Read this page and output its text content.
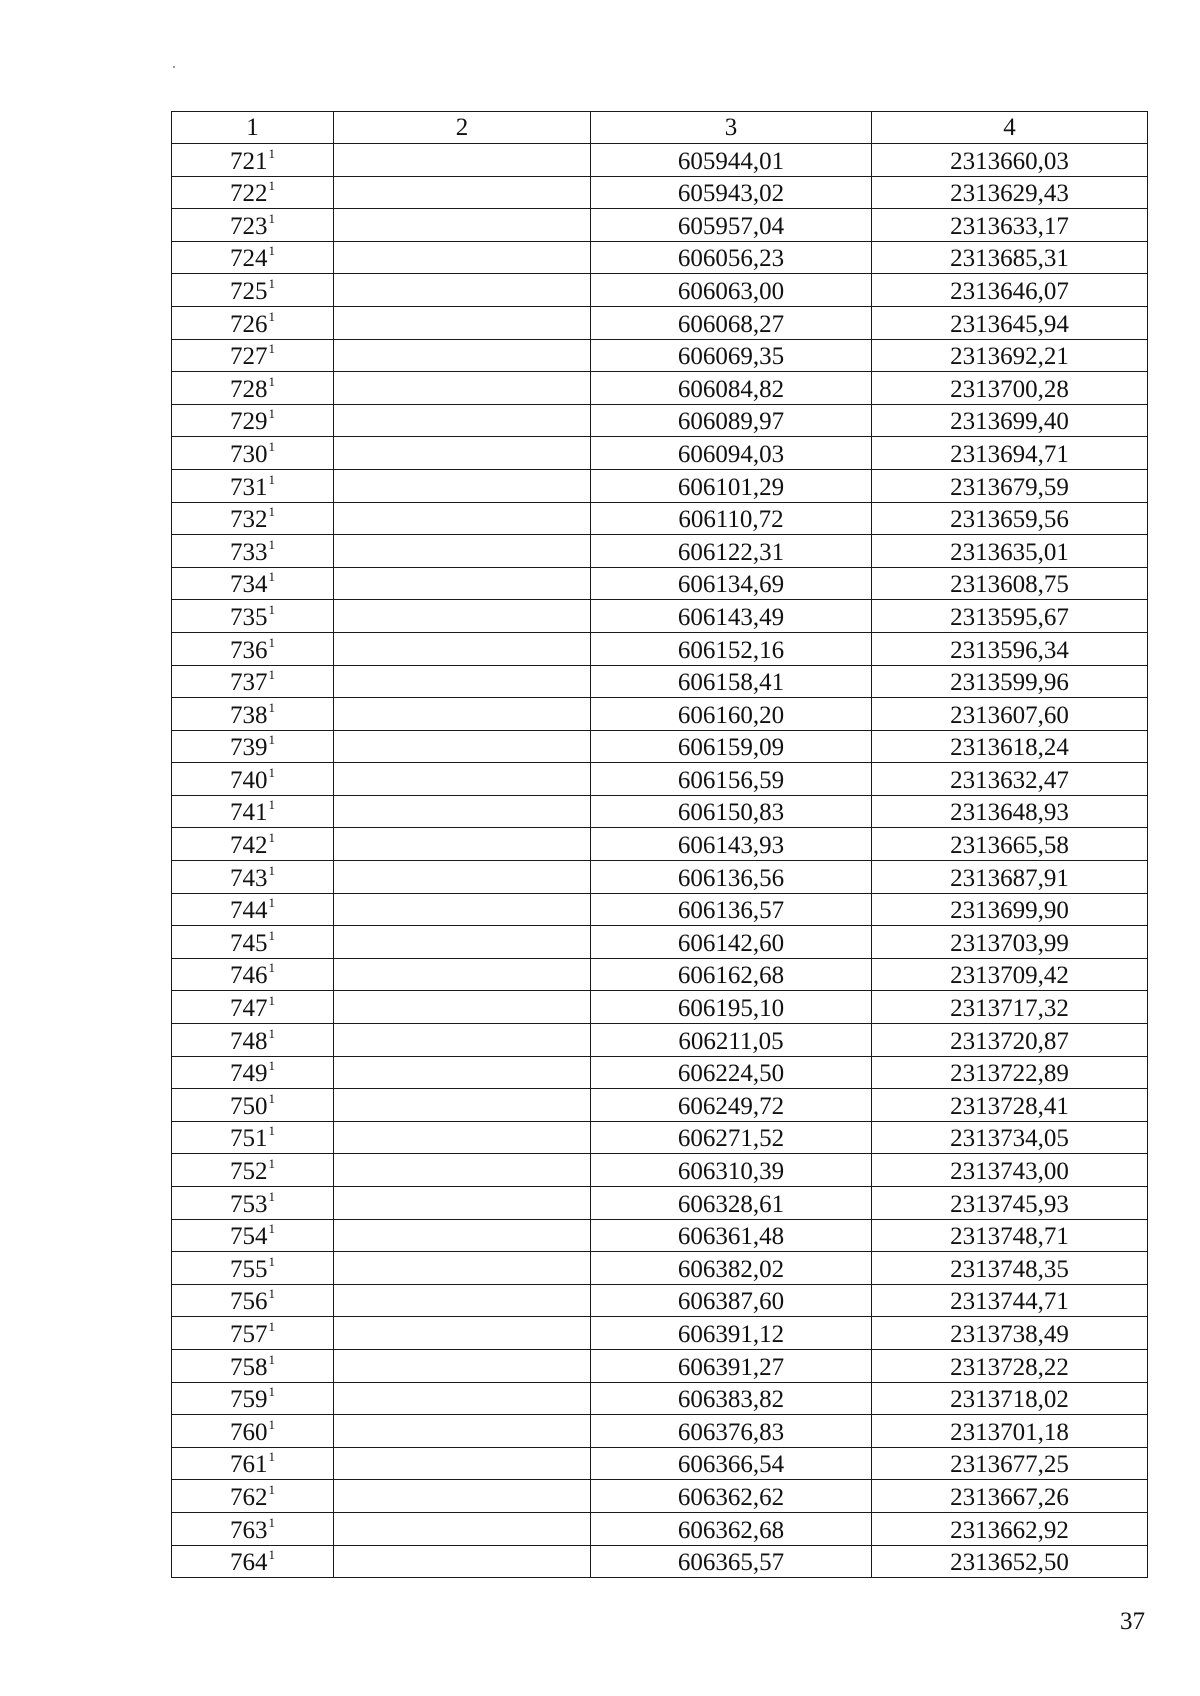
1	2	3	4
$721^1$		605944,01	2313660,03
$722^1$		605943,02	2313629,43
$723^1$		605957,04	2313633,17
$724^1$		606056,23	2313685,31
$725^1$		606063,00	2313646,07
$726^1$		606068,27	2313645,94
$727^1$		606069,35	2313692,21
$728^1$		606084,82	2313700,28
$729^1$		606089,97	2313699,40
$730^1$		606094,03	2313694,71
$731^1$		606101,29	2313679,59
$732^1$		606110,72	2313659,56
$733^1$		606122,31	2313635,01
$734^1$		606134,69	2313608,75
$735^1$		606143,49	2313595,67
$736^1$		606152,16	2313596,34
$737^1$		606158,41	2313599,96
$738^1$		606160,20	2313607,60
$739^1$		606159,09	2313618,24
$740^1$		606156,59	2313632,47
$741^1$		606150,83	2313648,93
$742^1$		606143,93	2313665,58
$743^1$		606136,56	2313687,91
$744^1$		606136,57	2313699,90
$745^1$		606142,60	2313703,99
$746^1$		606162,68	2313709,42
$747^1$		606195,10	2313717,32
$748^1$		606211,05	2313720,87
$749^1$		606224,50	2313722,89
$750^1$		606249,72	2313728,41
$751^1$		606271,52	2313734,05
$752^1$		606310,39	2313743,00
$753^1$		606328,61	2313745,93
$754^1$		606361,48	2313748,71
$755^1$		606382,02	2313748,35
$756^1$		606387,60	2313744,71
$757^1$		606391,12	2313738,49
$758^1$		606391,27	2313728,22
$759^1$		606383,82	2313718,02
$760^1$		606376,83	2313701,18
$761^1$		606366,54	2313677,25
$762^1$		606362,62	2313667,26
$763^1$		606362,68	2313662,92
$764^1$		606365,57	2313652,50
37
